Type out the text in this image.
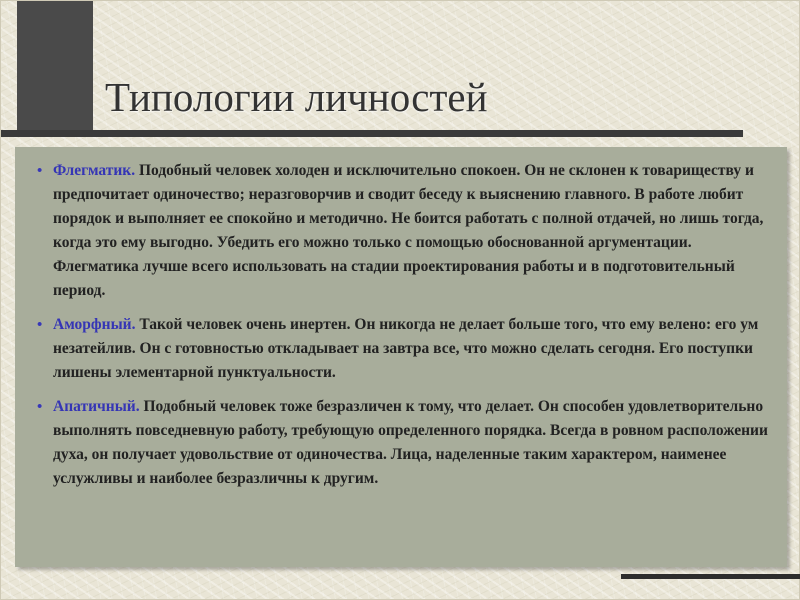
Типологии личностей
• Флегматик. Подобный человек холоден и исключительно спокоен. Он не склонен к товариществу и предпочитает одиночество; неразговорчив и сводит беседу к выяснению главного. В работе любит порядок и выполняет ее спокойно и методично. Не боится работать с полной отдачей, но лишь тогда, когда это ему выгодно. Убедить его можно только с помощью обоснованной аргументации. Флегматика лучше всего использовать на стадии проектирования работы и в подготовительный период.
• Аморфный. Такой человек очень инертен. Он никогда не делает больше того, что ему велено: его ум незатейлив. Он с готовностью откладывает на завтра все, что можно сделать сегодня. Его поступки лишены элементарной пунктуальности.
• Апатичный. Подобный человек тоже безразличен к тому, что делает. Он способен удовлетворительно выполнять повседневную работу, требующую определенного порядка. Всегда в ровном расположении духа, он получает удовольствие от одиночества. Лица, наделенные таким характером, наименее услужливы и наиболее безразличны к другим.
